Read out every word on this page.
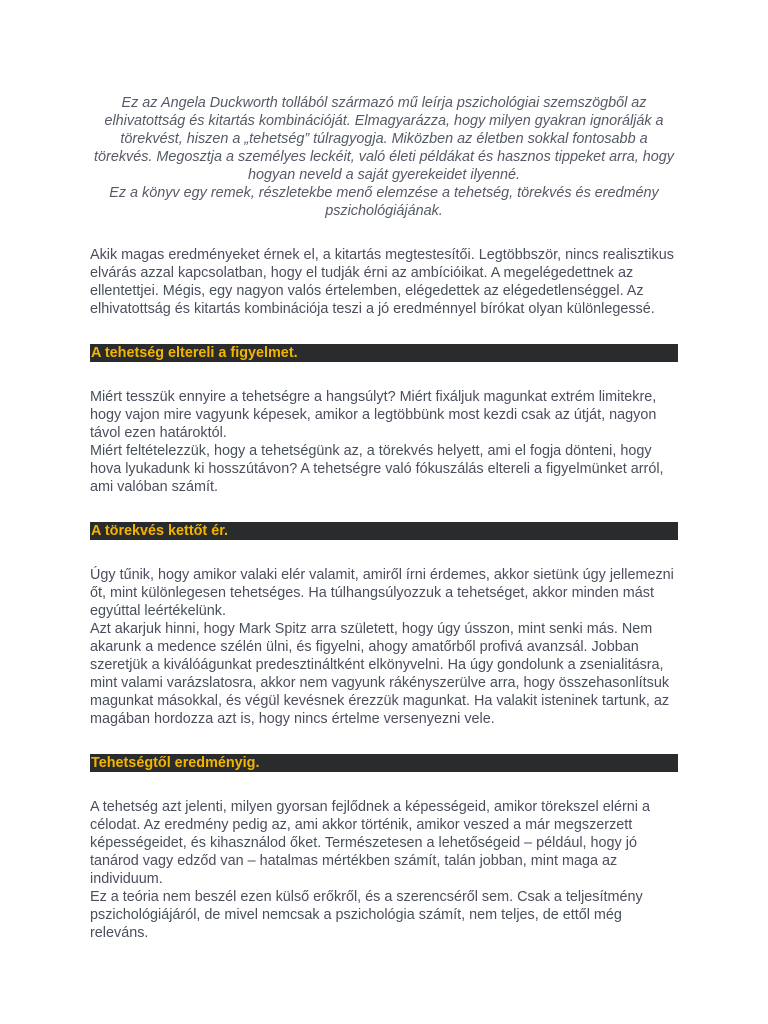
Ez az Angela Duckworth tollából származó mű leírja pszichológiai szemszögből az elhivatottság és kitartás kombinációját. Elmagyarázza, hogy milyen gyakran ignorálják a törekvést, hiszen a „tehetség” túlragyogja. Miközben az életben sokkal fontosabb a törekvés. Megosztja a személyes leckéit, való életi példákat és hasznos tippeket arra, hogy hogyan neveld a saját gyerekeidet ilyenné.

Ez a könyv egy remek, részletekbe menő elemzése a tehetség, törekvés és eredmény pszichológiájának.

Akik magas eredményeket érnek el, a kitartás megtestesítői. Legtöbbször, nincs realisztikus elvárás azzal kapcsolatban, hogy el tudják érni az ambícióikat. A megelégedettnek az ellentettjei. Mégis, egy nagyon valós értelemben, elégedettek az elégedetlenséggel. Az elhivatottság és kitartás kombinációja teszi a jó eredménnyel bírókat olyan különlegessé.

A tehetség eltereli a figyelmet.

Miért tesszük ennyire a tehetségre a hangsúlyt? Miért fixáljuk magunkat extrém limitekre, hogy vajon mire vagyunk képesek, amikor a legtöbbünk most kezdi csak az útját, nagyon távol ezen határoktól.

Miért feltételezzük, hogy a tehetségünk az, a törekvés helyett, ami el fogja dönteni, hogy hova lyukadunk ki hosszútávon? A tehetségre való fókuszálás eltereli a figyelmünket arról, ami valóban számít.

A törekvés kettőt ér.

Úgy tűnik, hogy amikor valaki elér valamit, amiről írni érdemes, akkor sietünk úgy jellemezni őt, mint különlegesen tehetséges. Ha túlhangsúlyozzuk a tehetséget, akkor minden mást egyúttal leértékelünk.

Azt akarjuk hinni, hogy Mark Spitz arra született, hogy úgy ússzon, mint senki más. Nem akarunk a medence szélén ülni, és figyelni, ahogy amatőrből profivá avanzsál. Jobban szeretjük a kiválóágunkat predesztináltként elkönyvelni. Ha úgy gondolunk a zsenialitásra, mint valami varázslatosra, akkor nem vagyunk rákényszerülve arra, hogy összehasonlítsuk magunkat másokkal, és végül kevésnek érezzük magunkat. Ha valakit isteninek tartunk, az magában hordozza azt is, hogy nincs értelme versenyezni vele.

Tehetségtől eredményig.

A tehetség azt jelenti, milyen gyorsan fejlődnek a képességeid, amikor törekszel elérni a célodat. Az eredmény pedig az, ami akkor történik, amikor veszed a már megszerzett képességeidet, és kihasználod őket. Természetesen a lehetőségeid – például, hogy jó tanárod vagy edződ van – hatalmas mértékben számít, talán jobban, mint maga az individuum.

Ez a teória nem beszél ezen külső erőkről, és a szerencséről sem. Csak a teljesítmény pszichológiájáról, de mivel nemcsak a pszichológia számít, nem teljes, de ettől még releváns.
